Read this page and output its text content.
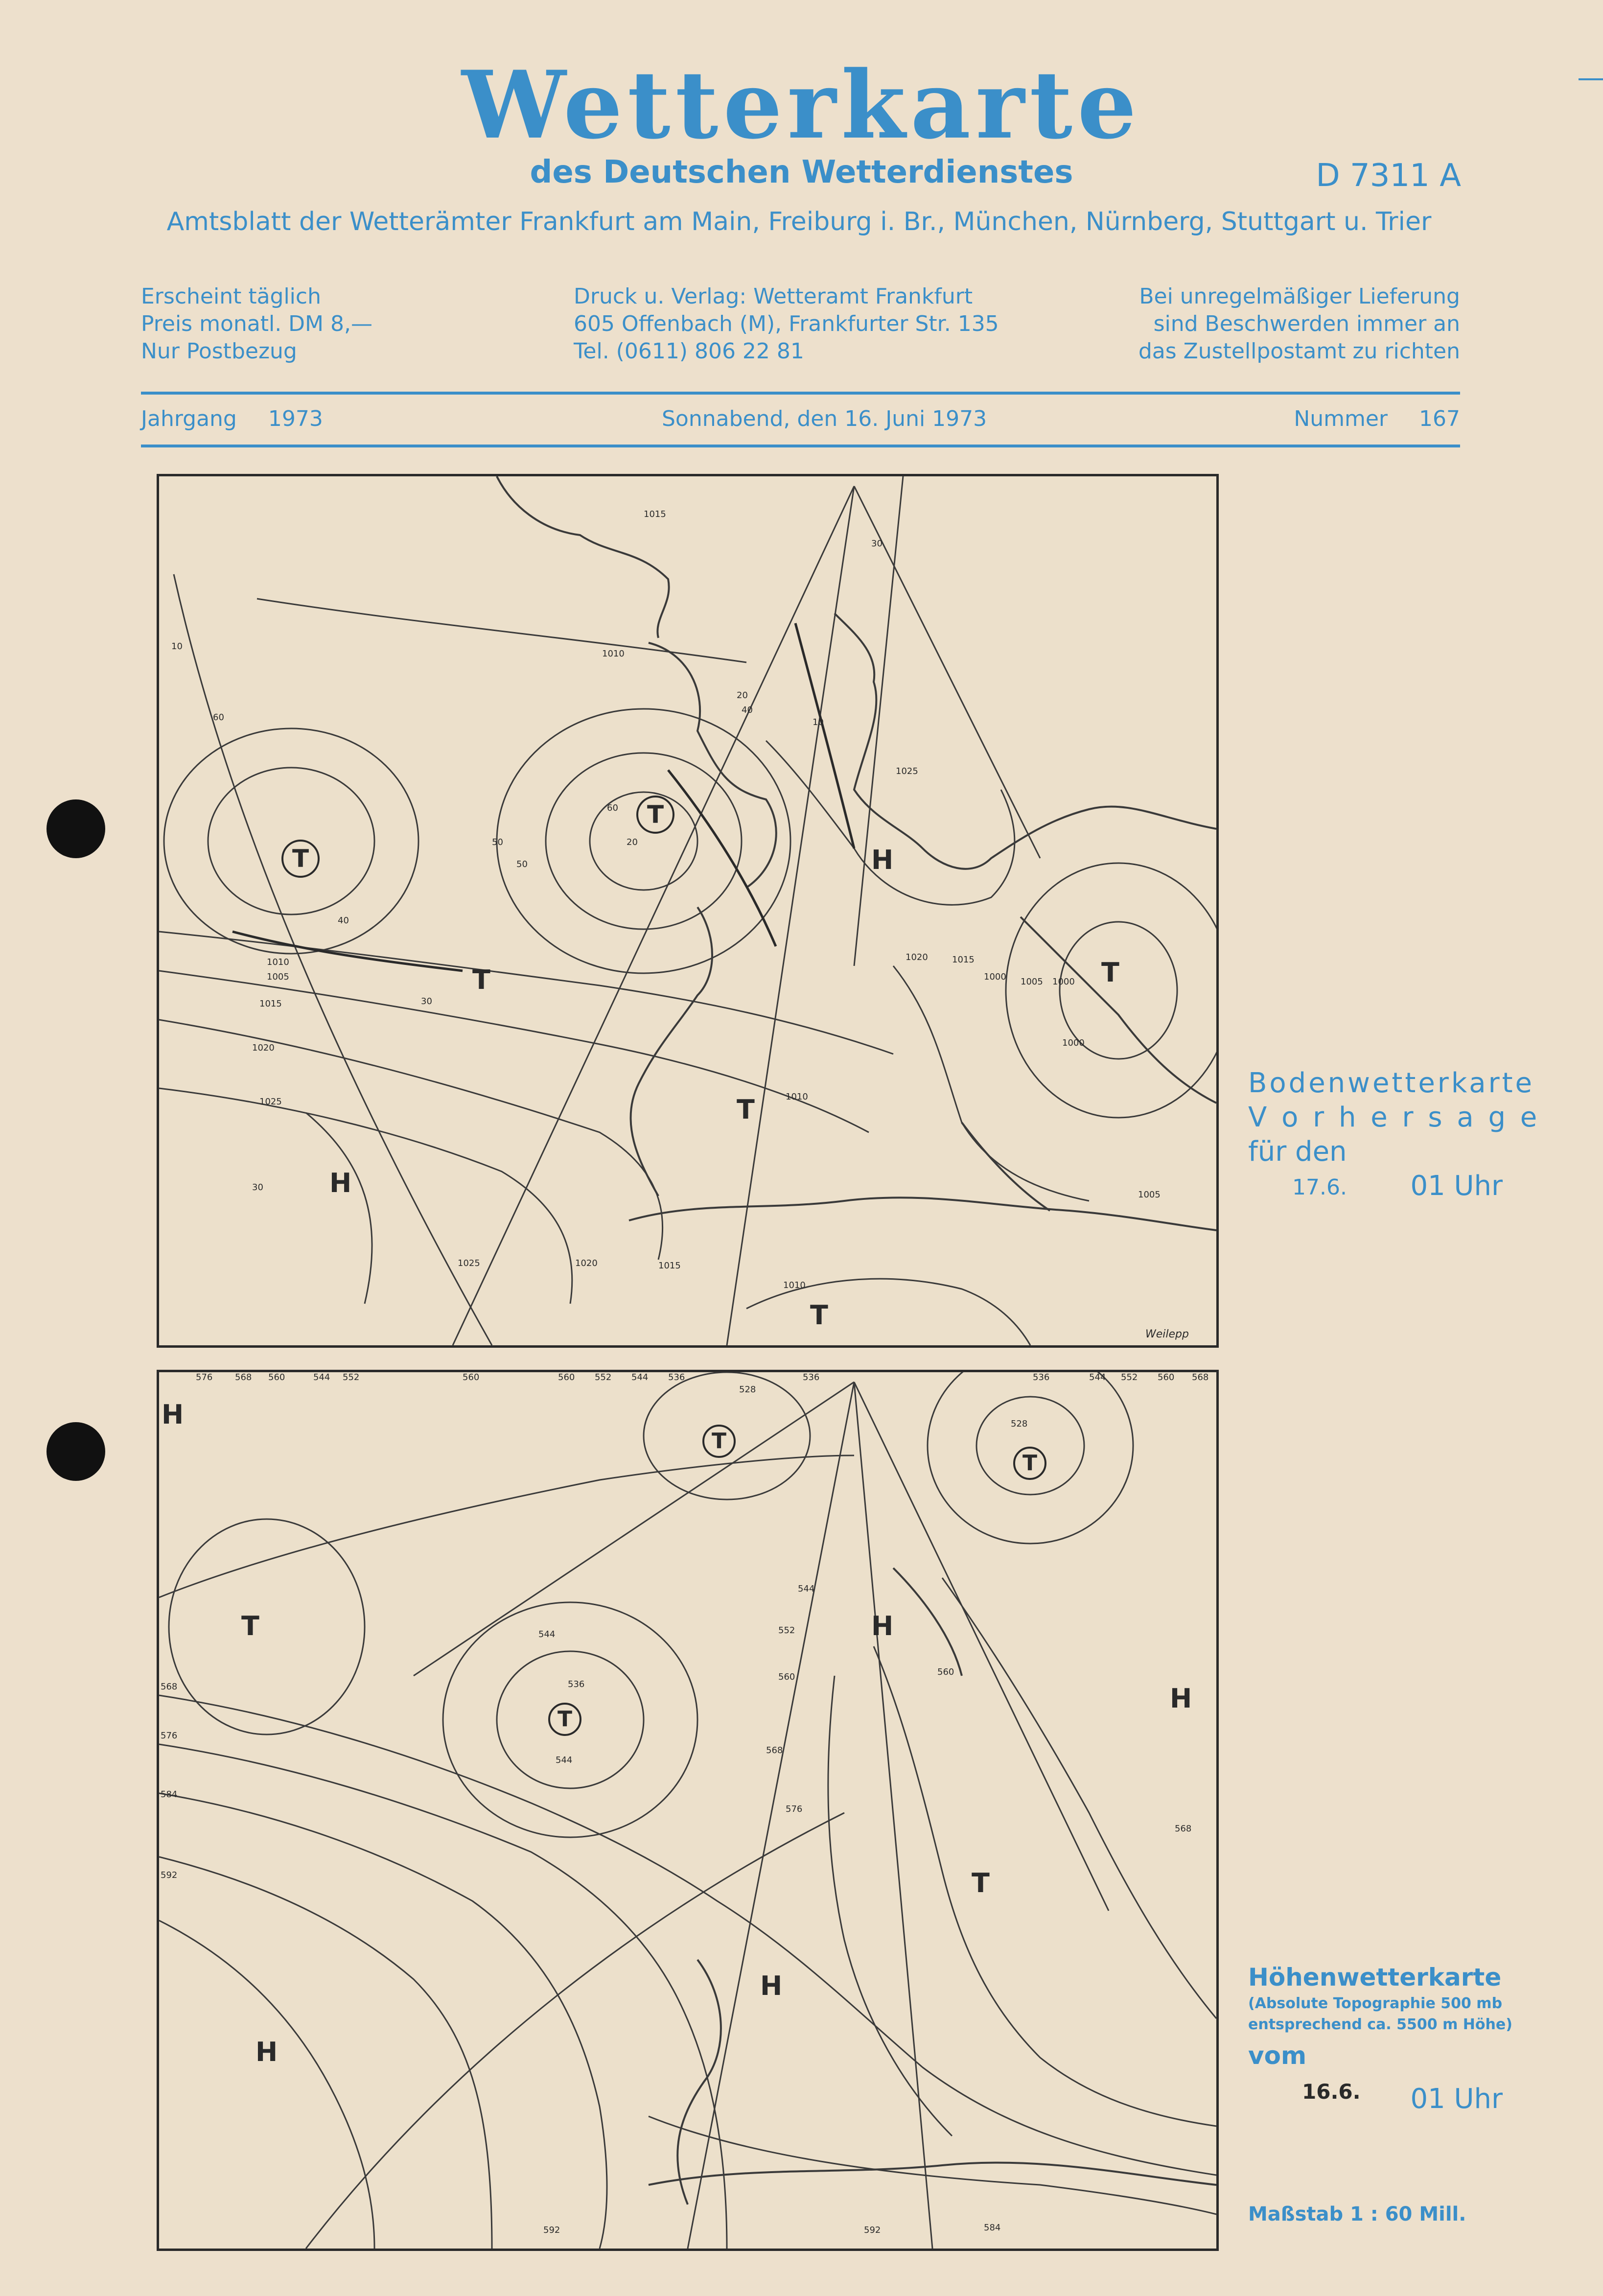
Wetterkarte
des Deutschen Wetterdienstes	D 7311 A
Amtsblatt der Wetterämter Frankfurt am Main, Freiburg i. Br., München, Nürnberg, Stuttgart u. Trier
Erscheint täglich
Preis monatl. DM 8,—
Nur Postbezug
Druck u. Verlag: Wetteramt Frankfurt
605 Offenbach (M), Frankfurter Str. 135
Tel. (0611) 806 22 81
Bei unregelmäßiger Lieferung
sind Beschwerden immer an
das Zustellpostamt zu richten
Jahrgang 1973	Sonnabend, den 16. Juni 1973	Nummer 167
T
T
T
T
T
T
H
H
1015
1010
1005
1010
1015
1020
1025
1025	1020	1015
1010
1025
1020	1015
1000 1005 1000
1005
1010
1000
10
20
30
40
50
60
60
50
40
30
30
20
10
Weilepp
Bodenwetterkarte
V o r h e r s a g e
für den
17.6. 01 Uhr
H
T
T
T
T
H
H
H
H
T
576	568 560	544 552	560	560 552 544 536
528
536	536	544 552 560 568
568
576
584
592
544
536
544
560
568
576
560
544
552
528
584
592
592
568
Höhenwetterkarte
(Absolute Topographie 500 mb
entsprechend ca. 5500 m Höhe)
vom
16.6. 01 Uhr
Maßstab 1 : 60 Mill.
